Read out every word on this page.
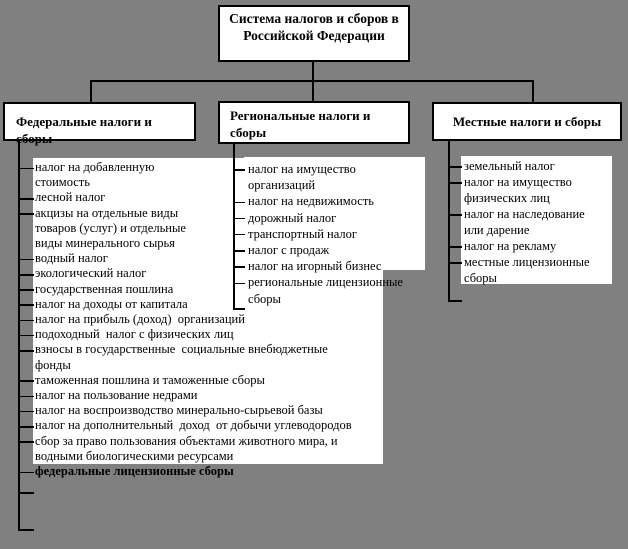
Система налогов и сборов в Российской Федерации
Федеральные налоги и сборы
Региональные налоги и сборы
Местные налоги и сборы
налог на добавленную
стоимость
лесной налог
акцизы на отдельные виды
товаров (услуг) и отдельные
виды минерального сырья
водный налог
экологический налог
государственная пошлина
налог на доходы от капитала
налог на прибыль (доход)  организаций
подоходный  налог с физических лиц
взносы в государственные  социальные внебюджетные
фонды
таможенная пошлина и таможенные сборы
налог на пользование недрами
налог на воспроизводство минерально-сырьевой базы
налог на дополнительный  доход  от добычи углеводородов
сбор за право пользования объектами животного мира, и
водными биологическими ресурсами
федеральные лицензионные сборы
налог на имущество
организаций
налог на недвижимость
дорожный налог
транспортный налог
налог с продаж
налог на игорный бизнес
региональные лицензионные
сборы
земельный налог
налог на имущество
физических лиц
налог на наследование
или дарение
налог на рекламу
местные лицензионные
сборы
